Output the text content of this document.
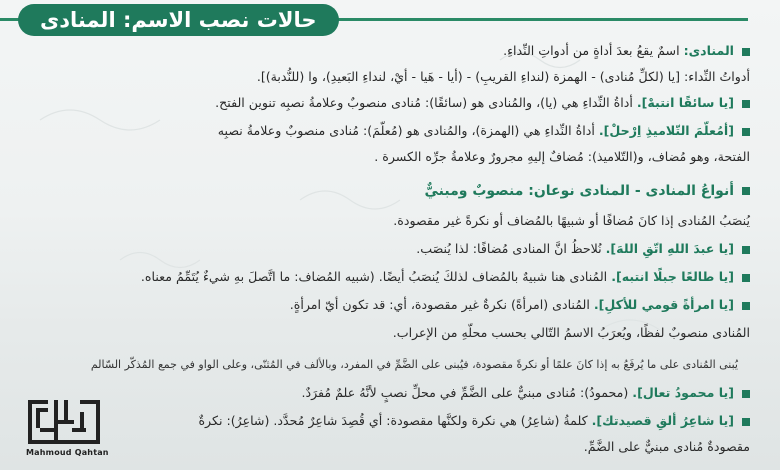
حالات نصب الاسم: المنادى
المنادى: اسمٌ يقعُ بعدَ أداةٍ من أدواتِ النِّداءِ.
أدواتُ النِّداء: [يا (لكلِّ مُنادى) - الهمزة (لنداءِ القريبِ) - (أيا - هَيا - أيْ، لنداءِ البَعيدِ)، وا (للنُّدبة)].
[يا سائقًا انتبهْ]. أداةُ النِّداءِ هي (يا)، والمُنادى هو (سائقًا): مُنادى منصوبٌ وعلامةُ نصبِه تنوين الفتح.
[أمُعلّمَ التّلاميذِ اِرْحلْ]. أداةُ النِّداءِ هي (الهمزة)، والمُنادى هو (مُعلّمَ): مُنادى منصوبٌ وعلامةُ نصبِه
الفتحة، وهو مُضاف، و(التّلاميذ): مُضافٌ إليهِ مجرورٌ وعلامةُ جرِّه الكسرة .
أنواعُ المنادى - المنادى نوعان: منصوبٌ ومبنيٌّ
يُنصَبُ المُنادى إذا كانَ مُضافًا أو شبيهًا بالمُضاف أو نكرةً غير مقصودة.
[يا عبدَ اللهِ اتّقِ اللهَ]. نُلاحظُ انَّ المنادى مُضافًا: لذا يُنصَب.
[يا طالعًا جبلًا انتبه]. المُنادى هنا شبيهٌ بالمُضاف لذلكَ يُنصَبُ أيضًا. (شبيه المُضاف: ما اتَّصلَ بهِ شيءٌ يُتَمِّمُ معناه.
[يا امرأةً قومي للأكلِ]. المُنادى (امرأةً) نكرةٌ غير مقصودة، أي: قد تكون أيّ امرأةٍ.
المُنادى منصوبٌ لفظًا، ويُعرَبُ الاسمُ التّالي بحسب محلّهِ من الإعراب.
يُبنى المُنادى على ما يُرفَعُ به إذا كانَ علمًا أو نكرةً مقصودة، فيُبنى على الضَّمِّ في المفرد، وبالألف في المُثنّى، وعلى الواو في جمع المُذكّر السّالم
[يا محمودُ تعال]. (محمودُ): مُنادى مبنيٌّ على الضَّمِّ في محلِّ نصبٍ لأنَّهُ علمٌ مُفرَدٌ.
[يا شاعِرُ ألقِ قصيدتك]. كلمةُ (شاعِرُ) هي نكرة ولكنَّها مقصودة: أي قُصِدَ شاعِرٌ مُحدَّد. (شاعِرُ): نكرةٌ
مقصودةٌ مُنادى مبنيٌّ على الضَّمِّ.
Mahmoud Qahtan
